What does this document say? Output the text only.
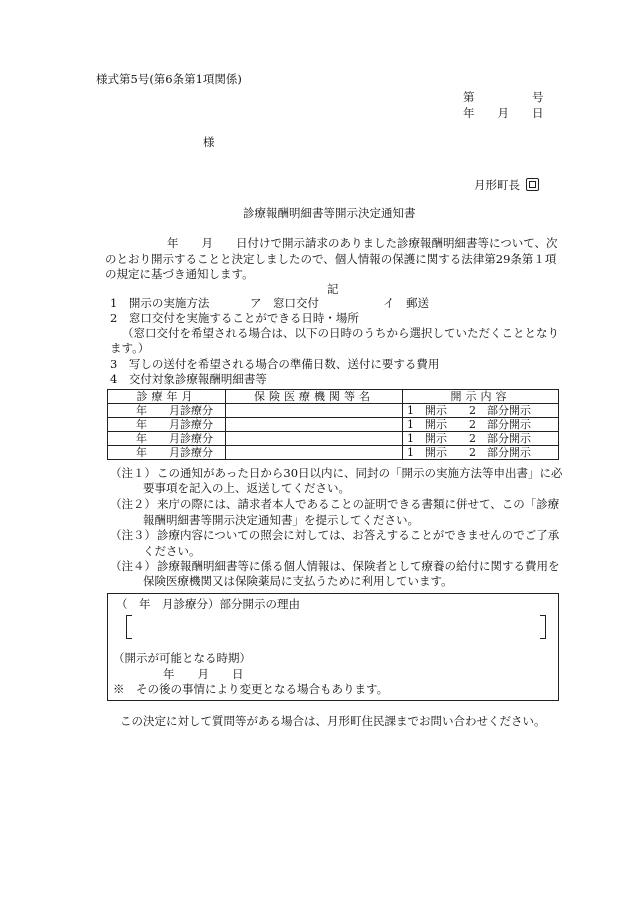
様式第5号(第6条第1項関係)
第　　　　　号
年　　月　　日
様
月形町長
診療報酬明細書等開示決定通知書
年　　月　　日付けで開示請求のありました診療報酬明細書等について、次
のとおり開示することと決定しましたので、個人情報の保護に関する法律第29条第１項
の規定に基づき通知します。
記
1　開示の実施方法	ア　窓口交付	イ　郵送
2　窓口交付を実施することができる日時・場所
（窓口交付を希望される場合は、以下の日時のうちから選択していただくこととなり
ます。）
3　写しの送付を希望される場合の準備日数、送付に要する費用
4　交付対象診療報酬明細書等
診療年月	保険医療機関等名	開示内容
年　　月診療分		1　開示　　2　部分開示
年　　月診療分		1　開示　　2　部分開示
年　　月診療分		1　開示　　2　部分開示
年　　月診療分		1　開示　　2　部分開示
（注１） この通知があった日から30日以内に、同封の「開示の実施方法等申出書」に必
要事項を記入の上、返送してください。
（注２） 来庁の際には、請求者本人であることの証明できる書類に併せて、この「診療
報酬明細書等開示決定通知書」を提示してください。
（注３） 診療内容についての照会に対しては、お答えすることができませんのでご了承
ください。
（注４） 診療報酬明細書等に係る個人情報は、保険者として療養の給付に関する費用を
保険医療機関又は保険薬局に支払うために利用しています。
（　年　月診療分）部分開示の理由
（開示が可能となる時期）
年　　月　　日
※　その後の事情により変更となる場合もあります。
この決定に対して質問等がある場合は、月形町住民課までお問い合わせください。
